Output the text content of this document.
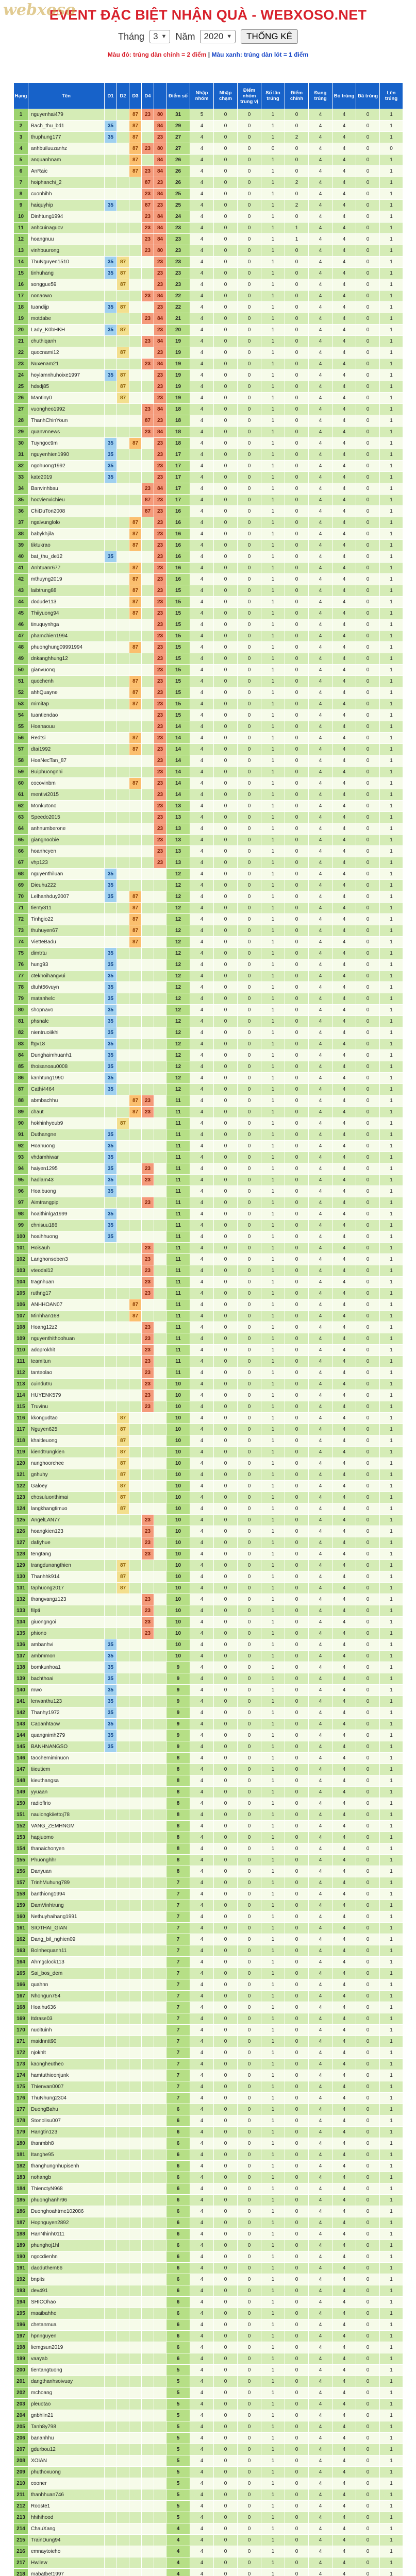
webxoso
EVENT ĐẶC BIỆT NHẬN QUÀ - WEBXOSO.NET
Tháng 3 ▼ Năm 2020 ▼	THỐNG KÊ
Màu đỏ: trúng dàn chính = 2 điểm | Màu xanh: trúng dàn lót = 1 điểm
Hạng	Tên	D1	D2	D3	D4		Điểm số	Nhập nhóm	Nhập chạm	Điểm nhóm trung vị	Số lần trúng	Điểm chính	Đang trúng	Bỏ trúng	Đã trúng	Lên trúng
1	nguyenhai479			87	23	80	31	5	0	0	1	0	4	4	0	1
2	Bach_thu_bd1	35		87		84	29	4	0	0	1	0	4	4	0	1
3	thuphung177	35		87		23	27	4	0	0	1	2	4	4	0	1
4	anhbuiluuzanhz			87	23	80	27	4	0	0	0	0	4	4	0	0
5	anquanhnam			87		84	26	4	0	0	1	0	4	4	0	1
6	AnRaic			87	23	84	26	4	0	0	1	0	4	4	0	1
7	hoiphanchi_2				87	23	26	4	0	0	1	2	4	4	0	1
8	cuonhihh				23	84	25	4	0	0	1	0	4	4	0	1
9	haiquyhip	35			87	23	25	4	0	0	1	2	4	4	0	1
10	Dinhtung1994				23	84	24	4	0	0	1	0	4	4	0	1
11	anhcuinaguov				23	84	23	4	0	0	1	1	4	4	0	1
12	hoangnuu				23	84	23	4	0	0	1	1	4	4	0	1
13	vinhbuurong				23	80	23	4	0	0	1	0	4	4	0	1
14	ThuNguyen1510	35	87			23	23	4	0	0	1	0	4	4	0	1
15	tinhuhang	35	87			23	23	4	0	0	1	0	4	4	0	1
16	songgue59		87			23	23	4	0	0	1	0	4	4	0	1
17	nonaowo				23	84	22	4	0	0	1	0	4	4	0	1
18	tuandijp	35	87			23	22	4	0	0	1	0	4	4	0	1
19	motdabe				23	84	21	4	0	0	1	0	4	4	0	1
20	Lady_K0bHKH	35	87			23	20	4	0	0	1	0	4	4	0	1
21	chuthiqanh				23	84	19	4	0	0	1	0	4	4	0	1
22	quocnami12		87			23	19	4	0	0	1	0	4	4	0	1
23	Nuxenam21				23	84	19	4	0	0	1	0	4	4	0	1
24	hoylamnhuhoixe1997	35	87			23	19	4	0	0	1	0	4	4	0	1
25	hdsdj85		87			23	19	4	0	0	1	0	4	4	0	1
26	Mantiny0		87			23	19	4	0	0	1	0	4	4	0	1
27	vuongheo1992				23	84	18	4	0	0	1	0	4	4	0	1
28	ThanhChinYoun				87	23	18	4	0	0	1	0	4	4	0	1
29	quanvnnews				23	84	18	4	0	0	1	0	4	4	0	1
30	Tuyngoc9m	35		87		23	18	4	0	0	1	0	4	4	0	1
31	nguyenhien1990	35				23	17	4	0	0	1	0	4	4	0	1
32	ngohuong1992	35				23	17	4	0	0	1	0	4	4	0	1
33	kate2019	35				23	17	4	0	0	1	0	4	4	0	1
34	Banvinhbau				23	84	17	4	0	0	1	0	4	4	0	1
35	hocvienvichieu				87	23	17	4	0	0	1	0	4	4	0	1
36	ChiDuTon2008				87	23	16	4	0	0	1	0	4	4	0	1
37	ngalvunglolo			87		23	16	4	0	0	1	0	4	4	0	1
38	babykhjila			87		23	16	4	0	0	1	0	4	4	0	1
39	tiktukrao			87		23	16	4	0	0	1	0	4	4	0	1
40	bat_thu_de12	35				23	16	4	0	0	1	0	4	4	0	1
41	Anhtuanr677			87		23	16	4	0	0	1	0	4	4	0	1
42	mthuyng2019			87		23	16	4	0	0	1	0	4	4	0	1
43	laibtrung88			87		23	15	4	0	0	1	0	4	4	0	1
44	dodude113			87		23	15	4	0	0	1	0	4	4	0	1
45	Thiiyuong94			87		23	15	4	0	0	1	0	4	4	0	1
46	tinuquynhga					23	15	4	0	0	1	0	4	4	0	1
47	phamchien1994					23	15	4	0	0	1	0	4	4	0	1
48	phuonghung09991994			87		23	15	4	0	0	1	0	4	4	0	1
49	dnkanghhung12					23	15	4	0	0	1	0	4	4	0	1
50	gianvuonq					23	15	4	0	0	1	0	4	4	0	1
51	quochenh			87		23	15	4	0	0	1	0	4	4	0	1
52	ahhQuayne			87		23	15	4	0	0	1	0	4	4	0	1
53	mimitap			87		23	15	4	0	0	1	0	4	4	0	1
54	tuantiendao					23	15	4	0	0	1	0	4	4	0	1
55	Hoanaouu					23	14	4	0	0	1	0	4	4	0	1
56	Redtsi			87		23	14	4	0	0	1	0	4	4	0	1
57	dtai1992			87		23	14	4	0	0	1	0	4	4	0	1
58	HoaNecTan_87					23	14	4	0	0	1	0	4	4	0	1
59	Buiphuongnhi					23	14	4	0	0	1	0	4	4	0	1
60	cocovinbm			87		23	14	4	0	0	1	0	4	4	0	1
61	mentivi2015					23	14	4	0	0	1	0	4	4	0	1
62	Monkutono					23	13	4	0	0	1	0	4	4	0	1
63	Speedo2015					23	13	4	0	0	1	0	4	4	0	1
64	anhnumberone					23	13	4	0	0	1	0	4	4	0	1
65	giangnoobie					23	13	4	0	0	1	0	4	4	0	1
66	hoanhcyen					23	13	4	0	0	1	0	4	4	0	1
67	vhp123					23	13	4	0	0	1	0	4	4	0	1
68	nguyenthiluan	35					12	4	0	0	1	0	4	4	0	1
69	Dieuhu222	35					12	4	0	0	1	0	4	4	0	1
70	Lelhanhduy2007	35		87			12	4	0	0	1	0	4	4	0	1
71	tienty311			87			12	4	0	0	1	0	4	4	0	1
72	Tinhgio22			87			12	4	0	0	1	0	4	4	0	1
73	thuhuyen67			87			12	4	0	0	1	0	4	4	0	1
74	VietteBadu			87			12	4	0	0	1	0	4	4	0	1
75	dimtrtu	35					12	4	0	0	1	0	4	4	0	1
76	hung93	35					12	4	0	0	1	0	4	4	0	1
77	ctekhoihangvui	35					12	4	0	0	1	0	4	4	0	1
78	dtuht56vuyn	35					12	4	0	0	1	0	4	4	0	1
79	matanhelc	35					12	4	0	0	1	0	4	4	0	1
80	shopnavo	35					12	4	0	0	1	0	4	4	0	1
81	phsnalc	35					12	4	0	0	1	0	4	4	0	1
82	nientruoiikhi	35					12	4	0	0	1	0	4	4	0	1
83	ftgv18	35					12	4	0	0	1	0	4	4	0	1
84	Dunghaimhuanh1	35					12	4	0	0	1	0	4	4	0	1
85	thoisanoau0008	35					12	4	0	0	1	0	4	4	0	1
86	kanhtung1990	35					12	4	0	0	1	0	4	4	0	1
87	Cathi4464	35					12	4	0	0	1	0	4	4	0	1
88	abmbachhu			87	23		11	4	0	0	1	0	4	4	0	1
89	chaut			87	23		11	4	0	0	1	0	4	4	0	1
90	hokhinhyeub9		87				11	4	0	0	1	0	4	4	0	1
91	Duthangne	35					11	4	0	0	1	0	4	4	0	1
92	Hoahuong	35					11	4	0	0	1	0	4	4	0	1
93	vhdamhiwar	35					11	4	0	0	1	0	4	4	0	1
94	haiyen1295	35			23		11	4	0	0	1	0	4	4	0	1
95	hadlam43	35			23		11	4	0	0	1	0	4	4	0	1
96	Hoaibuong	35					11	4	0	0	1	0	4	4	0	1
97	Aimtrangpip				23		11	4	0	0	1	0	4	4	0	1
98	hoaithinlga1999	35					11	4	0	0	1	0	4	4	0	1
99	chnisuu186	35					11	4	0	0	1	0	4	4	0	1
100	hoaihhuong	35					11	4	0	0	1	0	4	4	0	1
101	Hoisauh				23		11	4	0	0	1	0	4	4	0	1
102	Langhonsoben3				23		11	4	0	0	1	0	4	4	0	1
103	vteodal12				23		11	4	0	0	1	0	4	4	0	1
104	tragnhuan				23		11	4	0	0	1	0	4	4	0	1
105	ruthng17				23		11	4	0	0	1	0	4	4	0	1
106	ANHHOAN07			87			11	4	0	0	1	0	4	4	0	1
107	Minhhan168			87			11	4	0	0	1	0	4	4	0	1
108	Hoang12z2				23		11	4	0	0	1	0	4	4	0	1
109	nguyenthithoohuan				23		11	4	0	0	1	0	4	4	0	1
110	adoprokhit				23		11	4	0	0	1	0	4	4	0	1
111	teamltun				23		11	4	0	0	1	0	4	4	0	1
112	tanteolao				23		11	4	0	0	1	0	4	4	0	1
113	cuindutru				23		10	4	0	0	1	0	4	4	0	1
114	HUYENK579				23		10	4	0	0	1	0	4	4	0	1
115	Truvinu				23		10	4	0	0	1	0	4	4	0	1
116	kkongudtao		87				10	4	0	0	1	0	4	4	0	1
117	Nguyen625		87				10	4	0	0	1	0	4	4	0	1
118	khaitleuong		87				10	4	0	0	1	0	4	4	0	1
119	kiendtrungkien		87				10	4	0	0	1	0	4	4	0	1
120	nunghoorchee		87				10	4	0	0	1	0	4	4	0	1
121	gnhuhy		87				10	4	0	0	1	0	4	4	0	1
122	Galoey		87				10	4	0	0	1	0	4	4	0	1
123	chosuluonthimai		87				10	4	0	0	1	0	4	4	0	1
124	langkhangtimuo		87				10	4	0	0	1	0	4	4	0	1
125	AngelLAN77				23		10	4	0	0	1	0	4	4	0	1
126	hoangkien123				23		10	4	0	0	1	0	4	4	0	1
127	dafiyhue				23		10	4	0	0	1	0	4	4	0	1
128	tengtang				23		10	4	0	0	1	0	4	4	0	1
129	trangdunangthien		87				10	4	0	0	1	0	4	4	0	1
130	Thanhhk914		87				10	4	0	0	1	0	4	4	0	1
131	taphuong2017		87				10	4	0	0	1	0	4	4	0	1
132	thangvangz123				23		10	4	0	0	1	0	4	4	0	1
133	filpti				23		10	4	0	0	1	0	4	4	0	1
134	giuongngoi				23		10	4	0	0	1	0	4	4	0	1
135	phiono				23		10	4	0	0	1	0	4	4	0	1
136	ambanhvi	35					10	4	0	0	1	0	4	4	0	1
137	ambmmon	35					10	4	0	0	1	0	4	4	0	1
138	bomkunhoa1	35					9	4	0	0	1	0	4	4	0	1
139	bachthoai	35					9	4	0	0	1	0	4	4	0	1
140	mwo	35					9	4	0	0	1	0	4	4	0	1
141	lenvanthu123	35					9	4	0	0	1	0	4	4	0	1
142	Thanhy1972	35					9	4	0	0	1	0	4	4	0	1
143	Caoanhtaow	35					9	4	0	0	1	0	4	4	0	1
144	quangnimh279	35					9	4	0	0	1	0	4	4	0	1
145	BANHNANGSO	35					9	4	0	0	1	0	4	4	0	1
146	taochemiminuon						8	4	0	0	1	0	4	4	0	1
147	tiieutiem						8	4	0	0	1	0	4	4	0	1
148	kieuthangsa						8	4	0	0	1	0	4	4	0	1
149	yyuaan						8	4	0	0	1	0	4	4	0	1
150	radioflrio						8	4	0	0	1	0	4	4	0	1
151	nauiongkiiettoj78						8	4	0	0	1	0	4	4	0	1
152	VANG_ZEMHNGM						8	4	0	0	1	0	4	4	0	1
153	hapjuomo						8	4	0	0	1	0	4	4	0	1
154	thanaichonyen						8	4	0	0	1	0	4	4	0	1
155	Phuonghhr						8	4	0	0	1	0	4	4	0	1
156	Danyuan						8	4	0	0	1	0	4	4	0	1
157	TrinhMuhung789						7	4	0	0	1	0	4	4	0	1
158	banthiong1994						7	4	0	0	1	0	4	4	0	1
159	DamVinhtrung						7	4	0	0	1	0	4	4	0	1
160	Nethuyhaihang1991						7	4	0	0	1	0	4	4	0	1
161	SIOTHAI_GIAN						7	4	0	0	1	0	4	4	0	1
162	Dang_bil_nghien09						7	4	0	0	1	0	4	4	0	1
163	Bolnhequanh11						7	4	0	0	1	0	4	4	0	1
164	Ahmgclock113						7	4	0	0	1	0	4	4	0	1
165	Sai_bos_dem						7	4	0	0	1	0	4	4	0	1
166	quahnn						7	4	0	0	1	0	4	4	0	1
167	Nhongun754						7	4	0	0	1	0	4	4	0	1
168	Hoaihu636						7	4	0	0	1	0	4	4	0	1
169	Itdrase03						7	4	0	0	1	0	4	4	0	1
170	nuoltuinh						7	4	0	0	1	0	4	4	0	1
171	maidnntt90						7	4	0	0	1	0	4	4	0	1
172	njokhlt						7	4	0	0	1	0	4	4	0	1
173	kaongheutheo						7	4	0	0	1	0	4	4	0	1
174	hamtuthieonjunk						7	4	0	0	1	0	4	4	0	1
175	Thienvan0007						7	4	0	0	1	0	4	4	0	1
176	ThuNhung2304						7	4	0	0	1	0	4	4	0	1
177	DuongBahu						6	4	0	0	1	0	4	4	0	1
178	Stonolisu007						6	4	0	0	1	0	4	4	0	1
179	Hangtin123						6	4	0	0	1	0	4	4	0	1
180	thanmbh8						6	4	0	0	1	0	4	4	0	1
181	Itanghe95						6	4	0	0	1	0	4	4	0	1
182	thanghungnhupisenh						6	4	0	0	1	0	4	4	0	1
183	nohangb						6	4	0	0	1	0	4	4	0	1
184	ThienctyN968						6	4	0	0	1	0	4	4	0	1
185	phuonghanhr96						6	4	0	0	1	0	4	4	0	1
186	Duonghoahtrne102086						6	4	0	0	1	0	4	4	0	1
187	Hopnguyen2892						6	4	0	0	1	0	4	4	0	1
188	HanNhinh0111						6	4	0	0	1	0	4	4	0	1
189	phunghoj1hl						6	4	0	0	1	0	4	4	0	1
190	ngocdienhn						6	4	0	0	1	0	4	4	0	1
191	daoduthem66						6	4	0	0	1	0	4	4	0	1
192	bnpits						6	4	0	0	1	0	4	4	0	1
193	dev491						6	4	0	0	1	0	4	4	0	1
194	SHICOhao						6	4	0	0	1	0	4	4	0	1
195	maaibahhe						6	4	0	0	1	0	4	4	0	1
196	chetanmua						6	4	0	0	1	0	4	4	0	1
197	hpnnguyen						6	4	0	0	1	0	4	4	0	1
198	liemgsun2019						6	4	0	0	1	0	4	4	0	1
199	vaayab						6	4	0	0	1	0	4	4	0	1
200	tientangtuong						5	4	0	0	1	0	4	4	0	1
201	dangthanhsoivuay						5	4	0	0	1	0	4	4	0	1
202	mchoang						5	4	0	0	1	0	4	4	0	1
203	pleuotao						5	4	0	0	1	0	4	4	0	1
204	gnbhlin21						5	4	0	0	1	0	4	4	0	1
205	Tanh8y798						5	4	0	0	1	0	4	4	0	1
206	bananhhu						5	4	0	0	1	0	4	4	0	1
207	gdurbou12						5	4	0	0	1	0	4	4	0	1
208	XOIAN						5	4	0	0	1	0	4	4	0	1
209	phuthoxuong						5	4	0	0	1	0	4	4	0	1
210	cooner						5	4	0	0	1	0	4	4	0	1
211	thanhhuan746						5	4	0	0	1	0	4	4	0	1
212	Rooste1						5	4	0	0	1	0	4	4	0	1
213	hhihihood						5	4	0	0	1	0	4	4	0	1
214	ChauXang						4	4	0	0	1	0	4	4	0	1
215	TrainDung94						4	4	0	0	1	0	4	4	0	1
216	emnaytoieho						4	4	0	0	1	0	4	4	0	1
217	Hwilew						4	4	0	0	1	0	4	4	0	1
218	mabatbet1997						4	4	0	0	1	0	4	4	0	1
